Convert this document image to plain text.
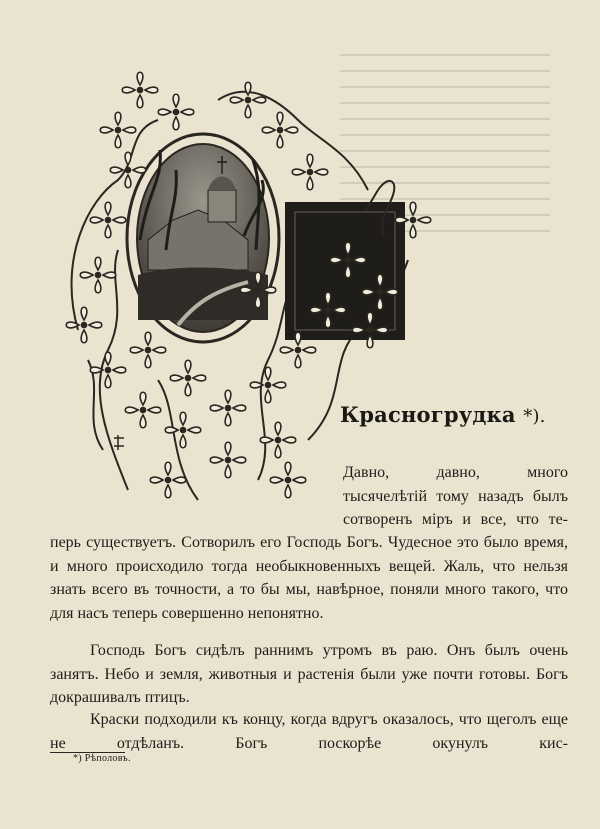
Красногрудка *).

Давно, давно, много тысячелѣтій тому назадъ былъ сотворенъ міръ и все, что те-

перь существуетъ. Сотворилъ его Господь Богъ. Чудесное это было время, и много происходило тогда необыкновенныхъ вещей. Жаль, что нельзя знать всего въ точности, а то бы мы, навѣрное, поняли много такого, что для насъ теперь совершенно непонятно.

Господь Богъ сидѣлъ раннимъ утромъ въ раю. Онъ былъ очень занятъ. Небо и земля, животныя и растенія были уже почти готовы. Богъ докрашивалъ птицъ.

Краски подходили къ концу, когда вдругъ оказалось, что щеголъ еще не отдѣланъ. Богъ поскорѣе окунулъ кис-

*) Рѣполовъ.
